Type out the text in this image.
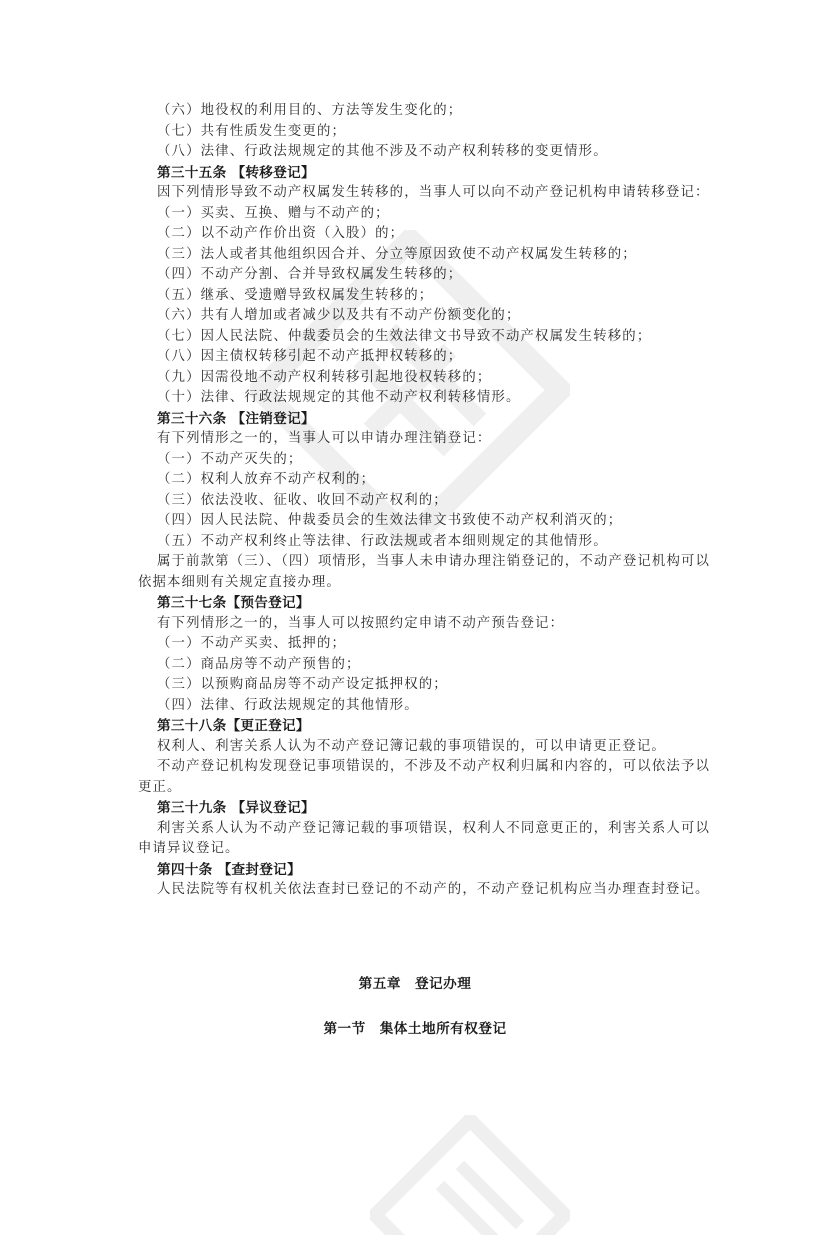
（六）地役权的利用目的、方法等发生变化的；
（七）共有性质发生变更的；
（八）法律、行政法规规定的其他不涉及不动产权利转移的变更情形。
第三十五条 【转移登记】
因下列情形导致不动产权属发生转移的，当事人可以向不动产登记机构申请转移登记：
（一）买卖、互换、赠与不动产的；
（二）以不动产作价出资（入股）的；
（三）法人或者其他组织因合并、分立等原因致使不动产权属发生转移的；
（四）不动产分割、合并导致权属发生转移的；
（五）继承、受遗赠导致权属发生转移的；
（六）共有人增加或者减少以及共有不动产份额变化的；
（七）因人民法院、仲裁委员会的生效法律文书导致不动产权属发生转移的；
（八）因主债权转移引起不动产抵押权转移的；
（九）因需役地不动产权利转移引起地役权转移的；
（十）法律、行政法规规定的其他不动产权利转移情形。
第三十六条 【注销登记】
有下列情形之一的，当事人可以申请办理注销登记：
（一）不动产灭失的；
（二）权利人放弃不动产权利的；
（三）依法没收、征收、收回不动产权利的；
（四）因人民法院、仲裁委员会的生效法律文书致使不动产权利消灭的；
（五）不动产权利终止等法律、行政法规或者本细则规定的其他情形。
属于前款第（三）、（四）项情形，当事人未申请办理注销登记的，不动产登记机构可以依据本细则有关规定直接办理。
第三十七条【预告登记】
有下列情形之一的，当事人可以按照约定申请不动产预告登记：
（一）不动产买卖、抵押的；
（二）商品房等不动产预售的；
（三）以预购商品房等不动产设定抵押权的；
（四）法律、行政法规规定的其他情形。
第三十八条【更正登记】
权利人、利害关系人认为不动产登记簿记载的事项错误的，可以申请更正登记。
不动产登记机构发现登记事项错误的，不涉及不动产权利归属和内容的，可以依法予以更正。
第三十九条 【异议登记】
利害关系人认为不动产登记簿记载的事项错误，权利人不同意更正的，利害关系人可以申请异议登记。
第四十条 【查封登记】
人民法院等有权机关依法查封已登记的不动产的，不动产登记机构应当办理查封登记。
第五章 登记办理
第一节 集体土地所有权登记
